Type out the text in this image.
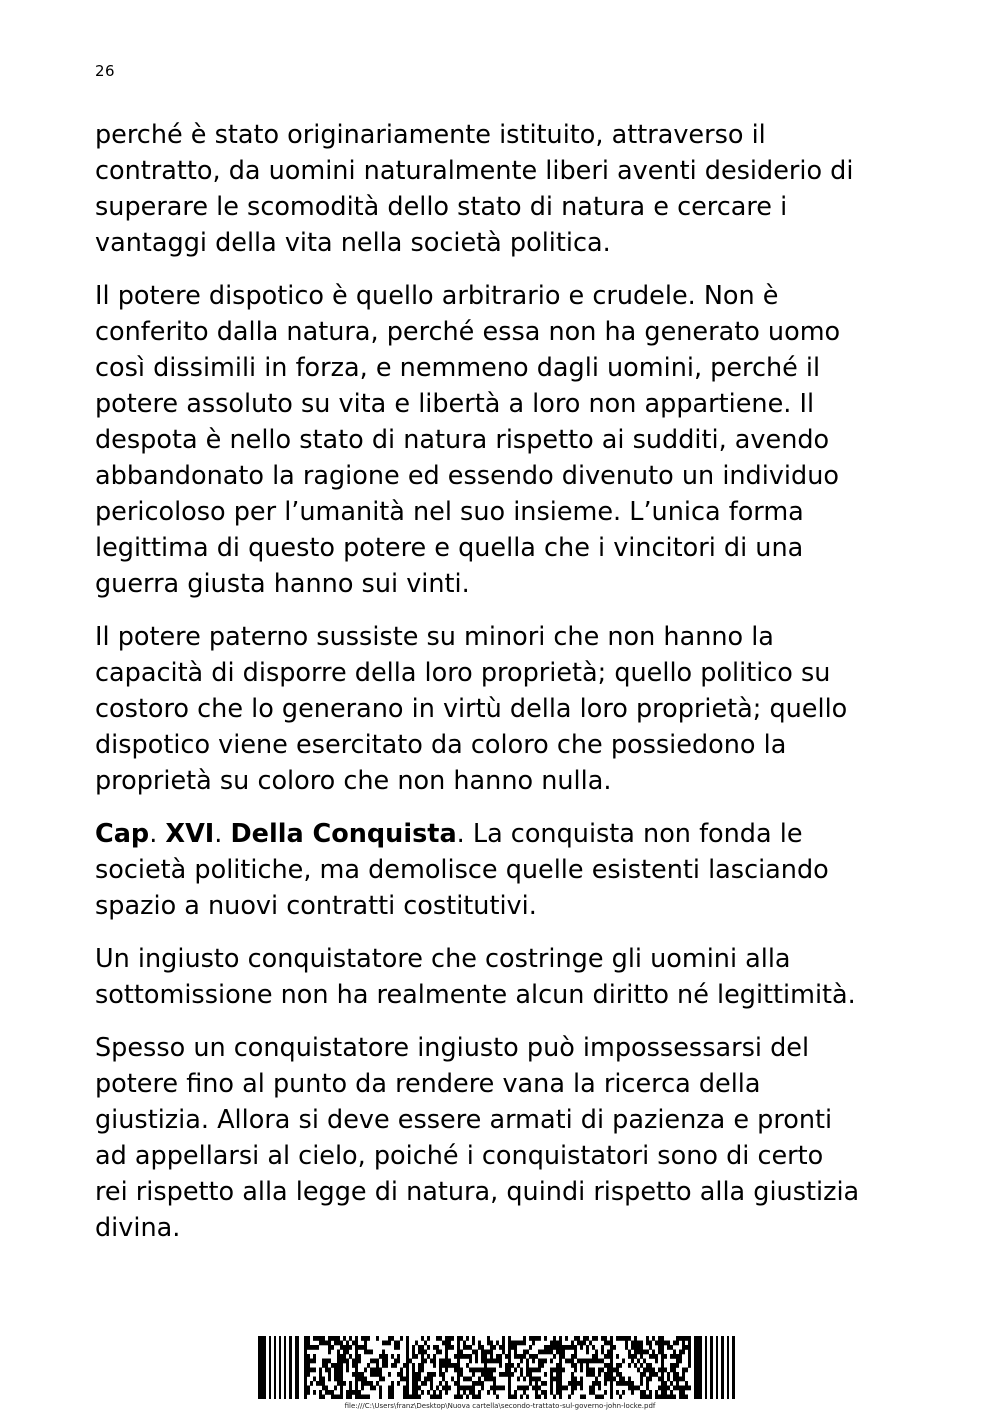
26

perché è stato originariamente istituito, attraverso il
contratto, da uomini naturalmente liberi aventi desiderio di
superare le scomodità dello stato di natura e cercare i
vantaggi della vita nella società politica.

Il potere dispotico è quello arbitrario e crudele. Non è
conferito dalla natura, perché essa non ha generato uomo
così dissimili in forza, e nemmeno dagli uomini, perché il
potere assoluto su vita e libertà a loro non appartiene. Il
despota è nello stato di natura rispetto ai sudditi, avendo
abbandonato la ragione ed essendo divenuto un individuo
pericoloso per l’umanità nel suo insieme. L’unica forma
legittima di questo potere e quella che i vincitori di una
guerra giusta hanno sui vinti.

Il potere paterno sussiste su minori che non hanno la
capacità di disporre della loro proprietà; quello politico su
costoro che lo generano in virtù della loro proprietà; quello
dispotico viene esercitato da coloro che possiedono la
proprietà su coloro che non hanno nulla.

Cap. XVI. Della Conquista. La conquista non fonda le
società politiche, ma demolisce quelle esistenti lasciando
spazio a nuovi contratti costitutivi.

Un ingiusto conquistatore che costringe gli uomini alla
sottomissione non ha realmente alcun diritto né legittimità.

Spesso un conquistatore ingiusto può impossessarsi del
potere fino al punto da rendere vana la ricerca della
giustizia. Allora si deve essere armati di pazienza e pronti
ad appellarsi al cielo, poiché i conquistatori sono di certo
rei rispetto alla legge di natura, quindi rispetto alla giustizia
divina.

file:///C:\Users\franz\Desktop\Nuova cartella\secondo-trattato-sul-governo-john-locke.pdf
